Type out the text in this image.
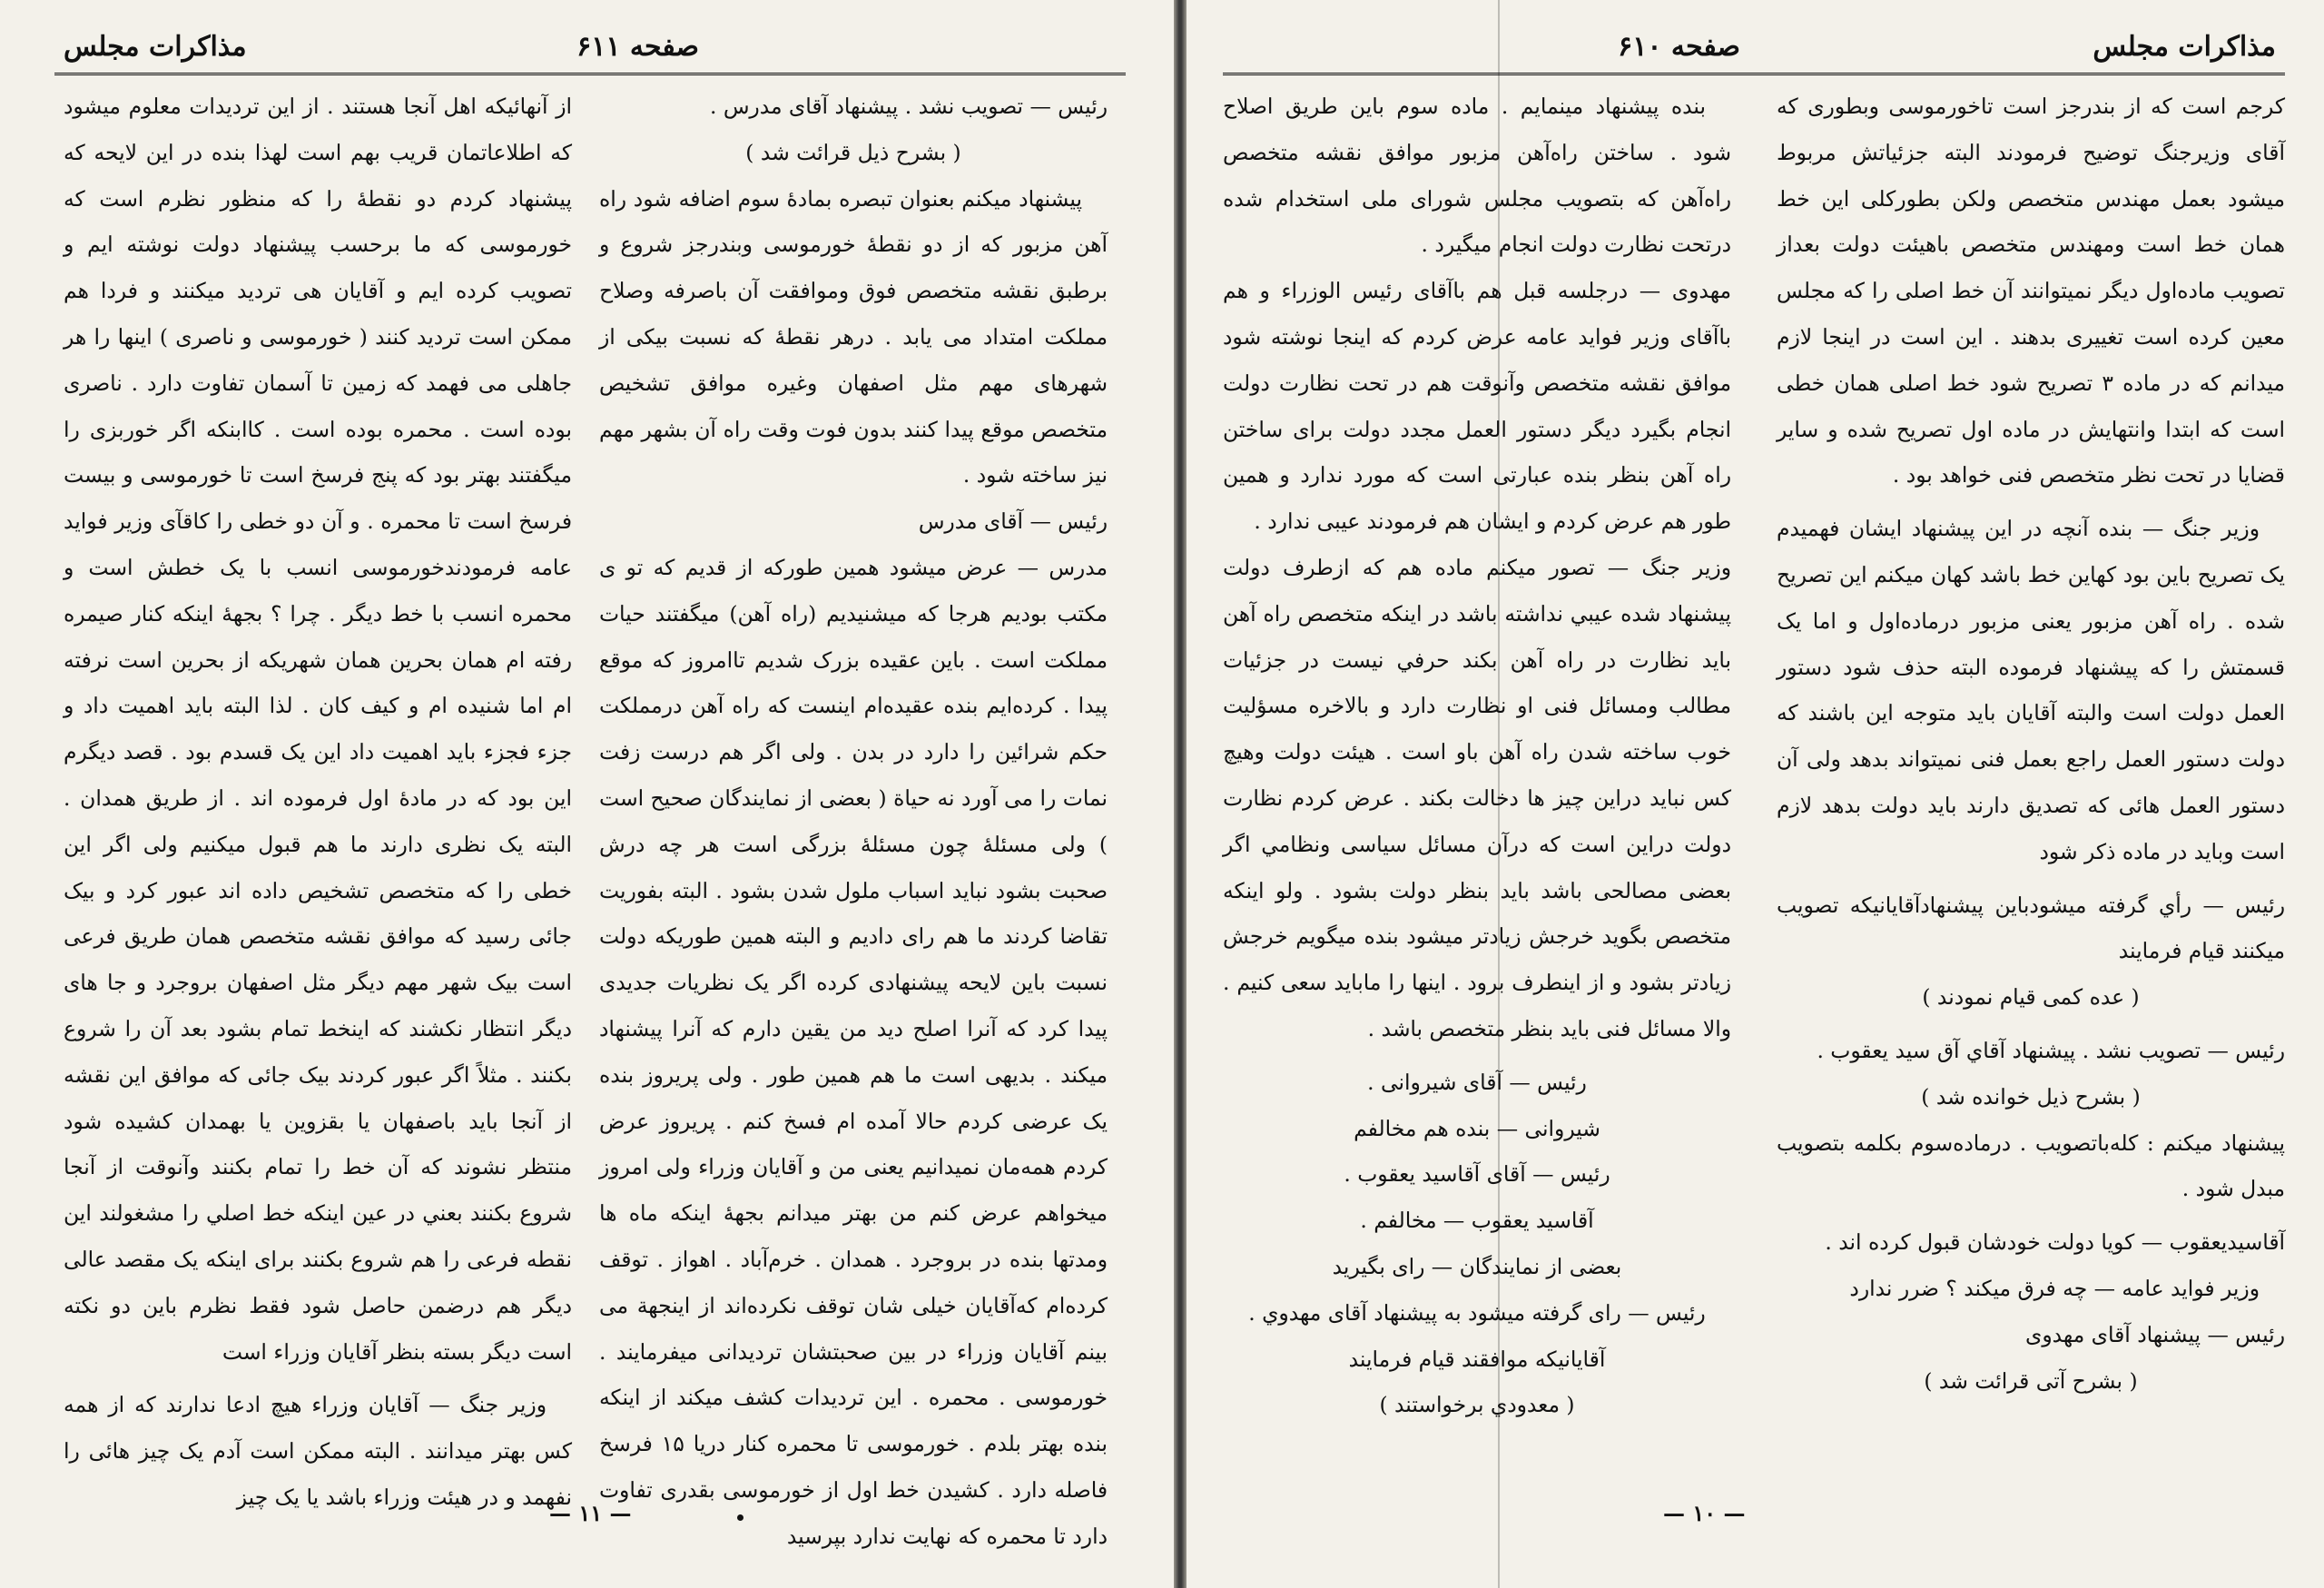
مذاکرات مجلس	صفحه ۶۱۱

رئیس — تصویب نشد . پیشنهاد آقای مدرس .

( بشرح ذیل قرائت شد )

پیشنهاد میکنم بعنوان تبصره بمادهٔ سوم اضافه شود راه آهن مزبور که از دو نقطهٔ خورموسی وبندرجز شروع و برطبق نقشه متخصص فوق وموافقت آن باصرفه وصلاح مملکت امتداد می یابد . درهر نقطهٔ که نسبت بیکی از شهرهای مهم مثل اصفهان وغیره موافق تشخیص متخصص موقع پیدا کنند بدون فوت وقت راه آن بشهر مهم نیز ساخته شود .

رئیس — آقای مدرس

مدرس — عرض میشود همین طورکه از قدیم که تو ی مکتب بودیم هرجا که میشنیدیم (راه آهن) میگفتند حیات مملکت است . باین عقیده بزرک شدیم تاامروز که موقع پیدا . کرده‌ایم بنده عقیده‌ام اینست که راه آهن درمملکت حکم شرائین را دارد در بدن . ولی اگر هم درست زفت نمات را می آورد نه حیاة ( بعضی از نمایندگان صحیح است ) ولی مسئلهٔ چون مسئلهٔ بزرگی است هر چه درش صحبت بشود نباید اسباب ملول شدن بشود . البته بفوریت تقاضا کردند ما هم رای دادیم و البته همین طوریکه دولت نسبت باین لایحه پیشنهادی کرده اگر یک نظریات جدیدی پیدا کرد که آنرا اصلح دید من یقین دارم که آنرا پیشنهاد میکند . بدیهی است ما هم همین طور . ولی پریروز بنده یک عرضی کردم حالا آمده ام فسخ کنم . پریروز عرض کردم همه‌مان نمیدانیم یعنی من و آقایان وزراء ولی امروز میخواهم عرض کنم من بهتر میدانم بجههٔ اینکه ماه ها ومدتها بنده در بروجرد . همدان . خرم‌آباد . اهواز . توقف کرده‌ام که‌آقایان خیلی شان توقف نکرده‌اند از اینجهة می بینم آقایان وزراء در بین صحبتشان تردیدانی میفرمایند . خورموسی . محمره . این تردیدات کشف میکند از اینکه بنده بهتر بلدم . خورموسی تا محمره کنار دریا ۱۵ فرسخ فاصله دارد . کشیدن خط اول از خورموسی بقدری تفاوت دارد تا محمره که نهایت ندارد بپرسید

از آنهائیکه اهل آنجا هستند . از این تردیدات معلوم میشود که اطلاعاتمان قریب بهم است لهذا بنده در این لایحه که پیشنهاد کردم دو نقطهٔ را که منظور نظرم است که خورموسی که ما برحسب پیشنهاد دولت نوشته ایم و تصویب کرده ایم و آقایان هی تردید میکنند و فردا هم ممکن است تردید کنند ( خورموسی و ناصری ) اینها را هر جاهلی می فهمد که زمین تا آسمان تفاوت دارد . ناصری بوده است . محمره بوده است . کاابنکه اگر خوربزی را میگفتند بهتر بود که پنج فرسخ است تا خورموسی و بیست فرسخ است تا محمره . و آن دو خطی را کاقآی وزیر فواید عامه فرمودندخورموسی انسب با یک خطش است و محمره انسب با خط دیگر . چرا ؟ بجههٔ اینکه کنار صیمره رفته ام همان بحرین همان شهریکه از بحرین است نرفته ام اما شنیده ام و کیف کان . لذا البته باید اهمیت داد و جزء فجزء باید اهمیت داد این یک قسدم بود . قصد دیگرم این بود که در مادهٔ اول فرموده اند . از طریق همدان . البته یک نظری دارند ما هم قبول میکنیم ولی اگر این خطی را که متخصص تشخیص داده اند عبور کرد و بیک جائی رسید که موافق نقشه متخصص همان طریق فرعی است بیک شهر مهم دیگر مثل اصفهان بروجرد و جا های دیگر انتظار نکشند که اینخط تمام بشود بعد آن را شروع بکنند . مثلاً اگر عبور کردند بیک جائی که موافق این نقشه از آنجا باید باصفهان یا بقزوین یا بهمدان کشیده شود منتظر نشوند که آن خط را تمام بکنند وآنوقت از آنجا شروع بکنند بعني در عین اینکه خط اصلي را مشغولند این نقطه فرعی را هم شروع بکنند برای اینکه یک مقصد عالی دیگر هم درضمن حاصل شود فقط نظرم باین دو نکته است دیگر بسته بنظر آقایان وزراء است

وزیر جنگ — آقایان وزراء هیچ ادعا ندارند که از همه کس بهتر میدانند . البته ممکن است آدم یک چیز هائی را نفهمد و در هیئت وزراء باشد یا یک چیز

— ۱۱ —
مذاکرات مجلس
صفحه ۶۱۰

کرجم است که از بندرجز است تاخورموسی وبطوری که آقای وزیرجنگ توضیح فرمودند البته جزئیاتش مربوط میشود بعمل مهندس متخصص ولکن بطورکلی این خط همان خط است ومهندس متخصص باهیئت دولت بعداز تصویب ماده‌اول دیگر نمیتوانند آن خط اصلی را که مجلس معین کرده است تغییری بدهند . این است در اینجا لازم میدانم که در ماده ۳ تصریح شود خط اصلی همان خطی است که ابتدا وانتهایش در ماده اول تصریح شده و سایر قضایا در تحت نظر متخصص فنی خواهد بود .

وزیر جنگ — بنده آنچه در این پیشنهاد ایشان فهمیدم یک تصریح باین بود کهاین خط باشد کهان میکنم این تصریح شده . راه آهن مزبور یعنی مزبور درماده‌اول و اما یک قسمتش را که پیشنهاد فرموده البته حذف شود دستور العمل دولت است والبته آقایان باید متوجه این باشند که دولت دستور العمل راجع بعمل فنی نمیتواند بدهد ولی آن دستور العمل هائی که تصدیق دارند باید دولت بدهد لازم است وباید در ماده ذکر شود

رئیس — رأي گرفته میشودباین پیشنهادآقایانیکه تصویب میکنند قیام فرمایند

( عده کمی قیام نمودند )

رئیس — تصویب نشد . پیشنهاد آقاي آق سید یعقوب .

( بشرح ذیل خوانده شد )

پیشنهاد میکنم : کله‌باتصویب . درماده‌سوم بکلمه بتصویب مبدل شود .

آقاسیدیعقوب — کویا دولت خودشان قبول کرده اند .

وزیر فواید عامه — چه فرق میکند ؟ ضرر ندارد

رئیس — پیشنهاد آقای مهدوی

( بشرح آتی قرائت شد )

بنده پیشنهاد مینمایم . ماده سوم باین طریق اصلاح شود . ساختن راه‌آهن مزبور موافق نقشه متخصص راه‌آهن که بتصویب مجلس شورای ملی استخدام شده درتحت نظارت دولت انجام میگیرد .

مهدوی — درجلسه قبل هم باآقای رئیس الوزراء و هم باآقای وزیر فواید عامه عرض کردم که اینجا نوشته شود موافق نقشه متخصص وآنوقت هم در تحت نظارت دولت انجام بگیرد دیگر دستور العمل مجدد دولت برای ساختن راه آهن بنظر بنده عبارتی است که مورد ندارد و همین طور هم عرض کردم و ایشان هم فرمودند عیبی ندارد .

وزیر جنگ — تصور میکنم ماده هم که ازطرف دولت پیشنهاد شده عیبي نداشته باشد در اینکه متخصص راه آهن باید نظارت در راه آهن بکند حرفي نیست در جزئیات مطالب ومسائل فنی او نظارت دارد و بالاخره مسؤلیت خوب ساخته شدن راه آهن باو است . هیئت دولت وهیچ کس نباید دراین چیز ها دخالت بکند . عرض کردم نظارت دولت دراین است که درآن مسائل سیاسی ونظامي اگر بعضی مصالحی باشد باید بنظر دولت بشود . ولو اینکه متخصص بگوید خرجش زیادتر میشود بنده میگویم خرجش زیادتر بشود و از اینطرف برود . اینها را ماباید سعی کنیم . والا مسائل فنی باید بنظر متخصص باشد .

رئیس — آقای شیروانی .

شیروانی — بنده هم مخالفم

رئیس — آقای آقاسید یعقوب .

آقاسید یعقوب — مخالفم .

بعضی از نمایندگان — رای بگیرید

رئیس — رای گرفته میشود به پیشنهاد آقای مهدوي .

آقایانیکه موافقند قیام فرمایند

( معدودي برخواستند )

— ۱۰ —
